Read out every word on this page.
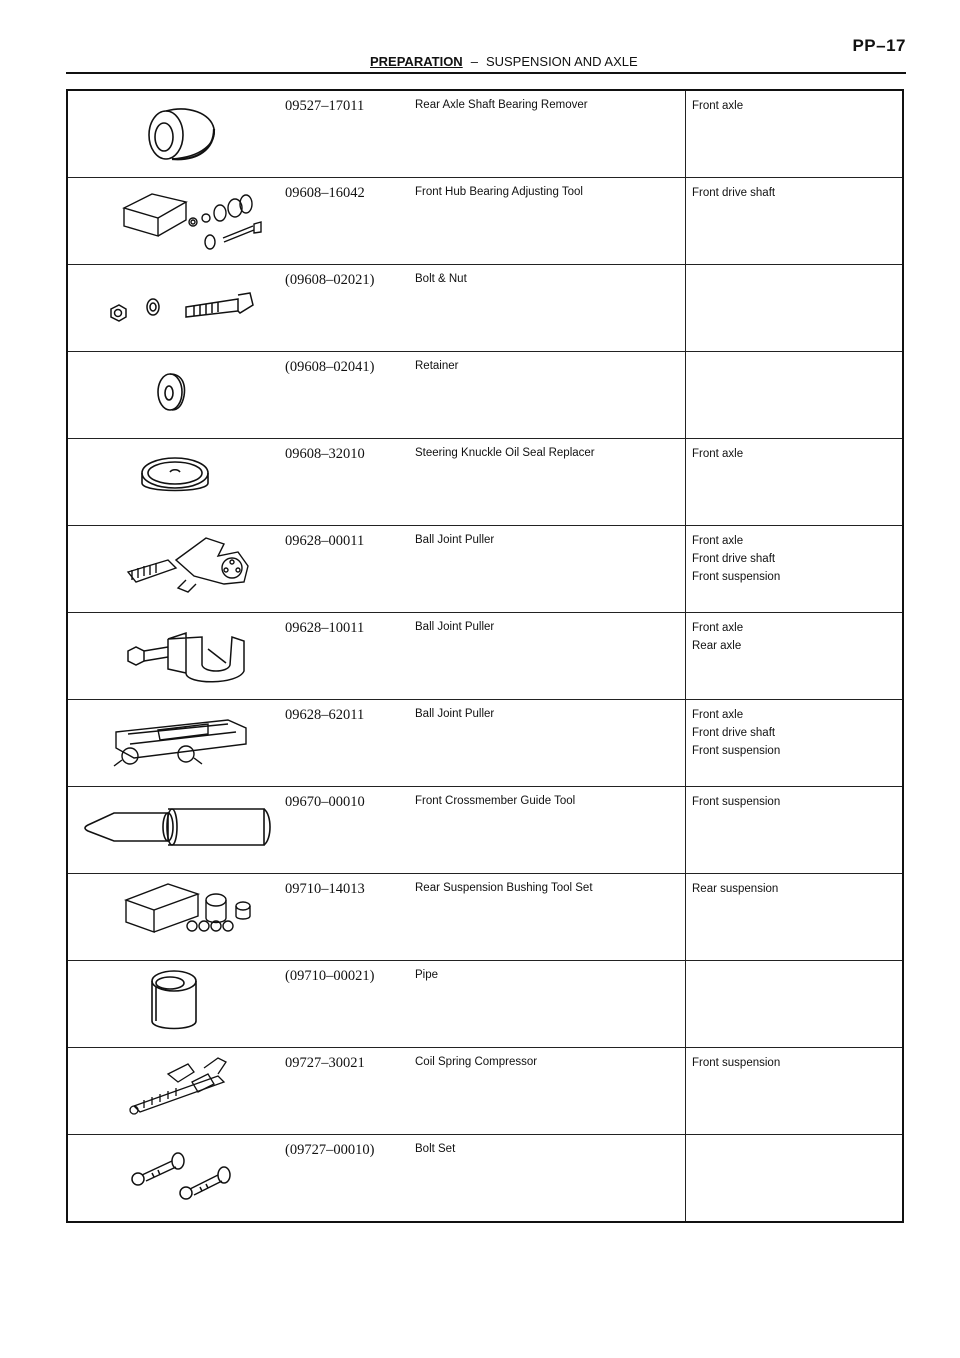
PP–17
PREPARATION – SUSPENSION AND AXLE
	09527–17011	Rear Axle Shaft Bearing Remover	Front axle

	09608–16042	Front Hub Bearing Adjusting Tool	Front drive shaft

	(09608–02021)	Bolt & Nut	

	(09608–02041)	Retainer	

	09608–32010	Steering Knuckle Oil Seal Replacer	Front axle

	09628–00011	Ball Joint Puller	Front axle
Front drive shaft
Front suspension

	09628–10011	Ball Joint Puller	Front axle
Rear axle

	09628–62011	Ball Joint Puller	Front axle
Front drive shaft
Front suspension

	09670–00010	Front Crossmember Guide Tool	Front suspension

	09710–14013	Rear Suspension Bushing Tool Set	Rear suspension

	(09710–00021)	Pipe	

	09727–30021	Coil Spring Compressor	Front suspension

	(09727–00010)	Bolt Set	
